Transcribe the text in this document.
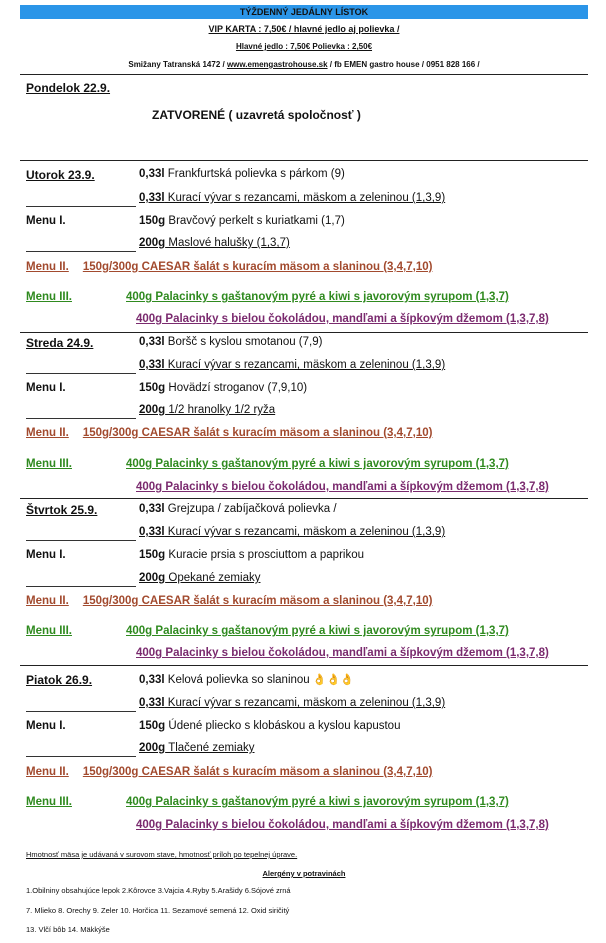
TÝŽDENNÝ JEDÁLNY LÍSTOK
VIP KARTA : 7,50€ / hlavné jedlo aj polievka /
Hlavné jedlo : 7,50€ Polievka : 2,50€
Smižany Tatranská 1472 / www.emengastrohouse.sk / fb EMEN gastro house / 0951 828 166 /
Pondelok 22.9.
ZATVORENÉ ( uzavretá spoločnosť )
Utorok 23.9.	0,33l Frankfurtská polievka s párkom (9)
0,33l Kurací vývar s rezancami, mäskom a zeleninou (1,3,9)
Menu I.	150g Bravčový perkelt s kuriatkami (1,7)
200g Maslové halušky (1,3,7)
Menu II. 150g/300g CAESAR šalát s kuracím mäsom a slaninou (3,4,7,10)
Menu III.	400g Palacinky s gaštanovým pyré a kiwi s javorovým syrupom (1,3,7)
400g Palacinky s bielou čokoládou, mandľami a šípkovým džemom (1,3,7,8)
Streda 24.9.	0,33l Boršč s kyslou smotanou (7,9)
0,33l Kurací vývar s rezancami, mäskom a zeleninou (1,3,9)
Menu I.	150g Hovädzí stroganov (7,9,10)
200g 1/2 hranolky 1/2 ryža
Menu II. 150g/300g CAESAR šalát s kuracím mäsom a slaninou (3,4,7,10)
Menu III.	400g Palacinky s gaštanovým pyré a kiwi s javorovým syrupom (1,3,7)
400g Palacinky s bielou čokoládou, mandľami a šípkovým džemom (1,3,7,8)
Štvrtok 25.9.	0,33l Grejzupa / zabíjačková polievka /
0,33l Kurací vývar s rezancami, mäskom a zeleninou (1,3,9)
Menu I.	150g Kuracie prsia s prosciuttom a paprikou
200g Opekané zemiaky
Menu II. 150g/300g CAESAR šalát s kuracím mäsom a slaninou (3,4,7,10)
Menu III.	400g Palacinky s gaštanovým pyré a kiwi s javorovým syrupom (1,3,7)
400g Palacinky s bielou čokoládou, mandľami a šípkovým džemom (1,3,7,8)
Piatok 26.9.	0,33l Kelová polievka so slaninou 👌👌👌
0,33l Kurací vývar s rezancami, mäskom a zeleninou (1,3,9)
Menu I.	150g Údené pliecko s klobáskou a kyslou kapustou
200g Tlačené zemiaky
Menu II. 150g/300g CAESAR šalát s kuracím mäsom a slaninou (3,4,7,10)
Menu III.	400g Palacinky s gaštanovým pyré a kiwi s javorovým syrupom (1,3,7)
400g Palacinky s bielou čokoládou, mandľami a šípkovým džemom (1,3,7,8)
Hmotnosť mäsa je udávaná v surovom stave, hmotnosť príloh po tepelnej úprave.
Alergény v potravinách
1.Obilniny obsahujúce lepok 2.Kôrovce 3.Vajcia 4.Ryby 5.Arašidy 6.Sójové zrná
7. Mlieko 8. Orechy 9. Zeler 10. Horčica 11. Sezamové semená 12. Oxid siričitý
13. Vlčí bôb 14. Mäkkýše
